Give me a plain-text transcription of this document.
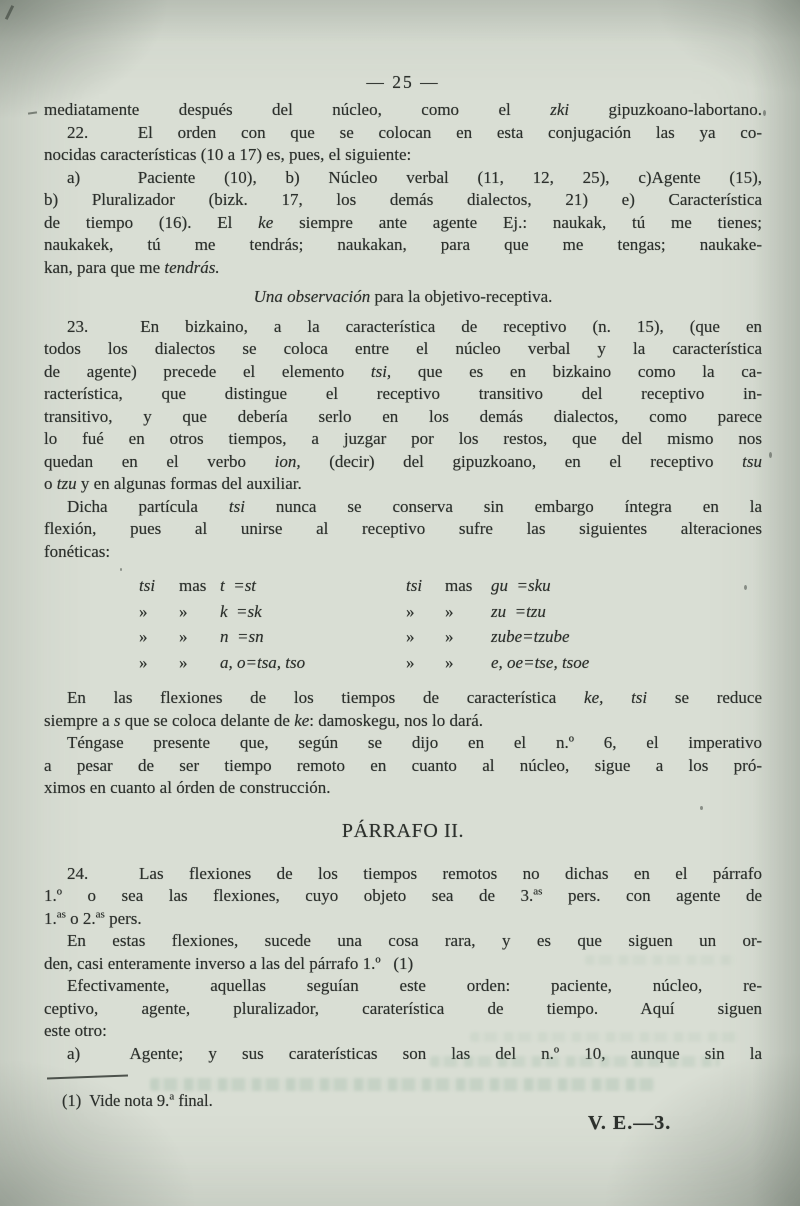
— 25 —
mediatamente después del núcleo, como el zki gipuzkoano-labortano.
22.  El orden con que se colocan en esta conjugación las ya co-
nocidas características (10 a 17) es, pues, el siguiente:
a)  Paciente (10), b) Núcleo verbal (11, 12, 25), c)Agente (15),
b) Pluralizador (bizk. 17, los demás dialectos, 21) e) Característica
de tiempo (16). El ke siempre ante agente Ej.: naukak, tú me tienes;
naukakek, tú me tendrás; naukakan, para que me tengas; naukake-
kan, para que me tendrás.
Una observación para la objetivo-receptiva.
23.  En bizkaino, a la característica de receptivo (n. 15), (que en
todos los dialectos se coloca entre el núcleo verbal y la característica
de agente) precede el elemento tsi, que es en bizkaino como la ca-
racterística, que distingue el receptivo transitivo del receptivo in-
transitivo, y que debería serlo en los demás dialectos, como parece
lo fué en otros tiempos, a juzgar por los restos, que del mismo nos
quedan en el verbo ion, (decir) del gipuzkoano, en el receptivo tsu
o tzu y en algunas formas del auxiliar.
Dicha partícula tsi nunca se conserva sin embargo íntegra en la
flexión, pues al unirse al receptivo sufre las siguientes alteraciones
fonéticas:
tsi	mas t  =st	tsi	mas	gu  =sku
»	»	k  =sk	»	»	zu  =tzu
»	»	n  =sn	»	»	zube=tzube
»	»	a, o=tsa, tso	»	»	e, oe=tse, tsoe
En las flexiones de los tiempos de característica ke, tsi se reduce
siempre a s que se coloca delante de ke: damoskegu, nos lo dará.
Téngase presente que, según se dijo en el n.º 6, el imperativo
a pesar de ser tiempo remoto en cuanto al núcleo, sigue a los pró-
ximos en cuanto al órden de construcción.
PÁRRAFO II.
24.  Las flexiones de los tiempos remotos no dichas en el párrafo
1.º o sea las flexiones, cuyo objeto sea de 3.$^{as}$ pers. con agente de
1.$^{as}$ o 2.$^{as}$ pers.
En estas flexiones, sucede una cosa rara, y es que siguen un or-
den, casi enteramente inverso a las del párrafo 1.º   (1)
Efectivamente, aquellas seguían este orden: paciente, núcleo, re-
ceptivo, agente, pluralizador, caraterística de tiempo. Aquí siguen
este otro:
a)  Agente; y sus caraterísticas son las del n.º 10, aunque sin la
(1)  Vide nota 9.$^a$ final.
V. E.—3.
